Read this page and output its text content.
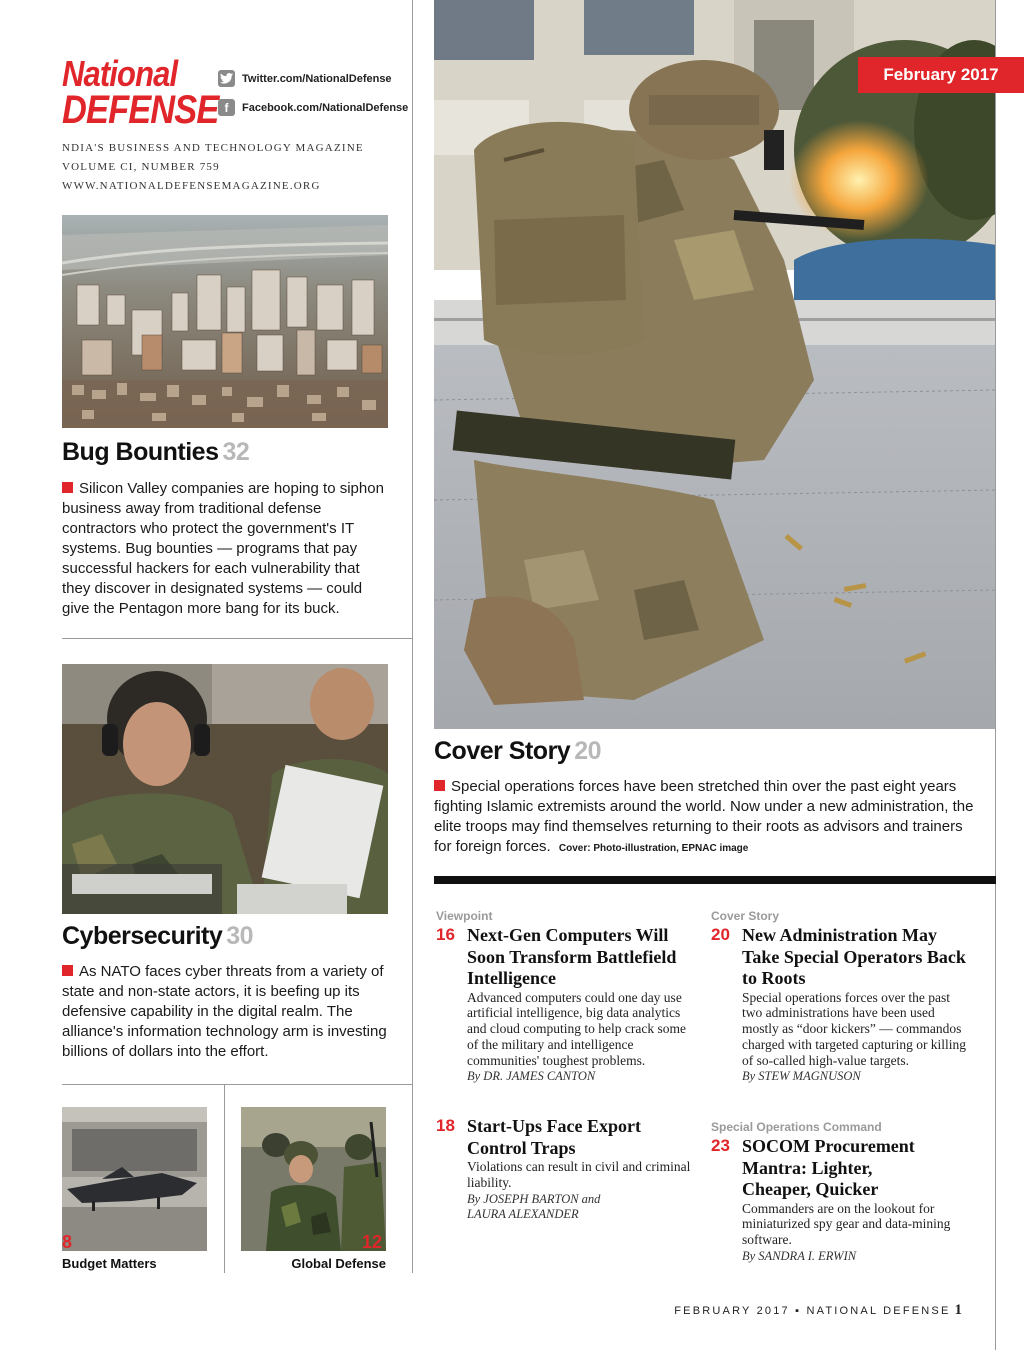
National
DEFENSE
Twitter.com/NationalDefense
f	Facebook.com/NationalDefense
NDIA'S BUSINESS AND TECHNOLOGY MAGAZINE
VOLUME CI, NUMBER 759
WWW.NATIONALDEFENSEMAGAZINE.ORG
Bug Bounties 32
Silicon Valley companies are hoping to siphon business away from traditional defense contractors who protect the government's IT systems. Bug bounties — programs that pay successful hackers for each vulnerability that they discover in designated systems — could give the Pentagon more bang for its buck.
Cybersecurity 30
As NATO faces cyber threats from a variety of state and non-state actors, it is beefing up its defensive capability in the digital realm. The alliance's information technology arm is investing billions of dollars into the effort.
8
Budget Matters
12
Global Defense
February 2017
Cover Story 20
Special operations forces have been stretched thin over the past eight years fighting Islamic extremists around the world. Now under a new administration, the elite troops may find themselves returning to their roots as advisors and trainers for foreign forces. Cover: Photo-illustration, EPNAC image
Viewpoint
16 Next-Gen Computers Will Soon Transform Battlefield Intelligence
Advanced computers could one day use artificial intelligence, big data analytics and cloud computing to help crack some of the military and intelligence communities' toughest problems.
By DR. JAMES CANTON
18 Start-Ups Face Export Control Traps
Violations can result in civil and criminal liability.
By JOSEPH BARTON and LAURA ALEXANDER
Cover Story
20 New Administration May Take Special Operators Back to Roots
Special operations forces over the past two administrations have been used mostly as “door kickers” — commandos charged with targeted capturing or killing of so-called high-value targets.
By STEW MAGNUSON
Special Operations Command
23 SOCOM Procurement Mantra: Lighter, Cheaper, Quicker
Commanders are on the lookout for miniaturized spy gear and data-mining software.
By SANDRA I. ERWIN
FEBRUARY 2017 ▪ NATIONAL DEFENSE 1
